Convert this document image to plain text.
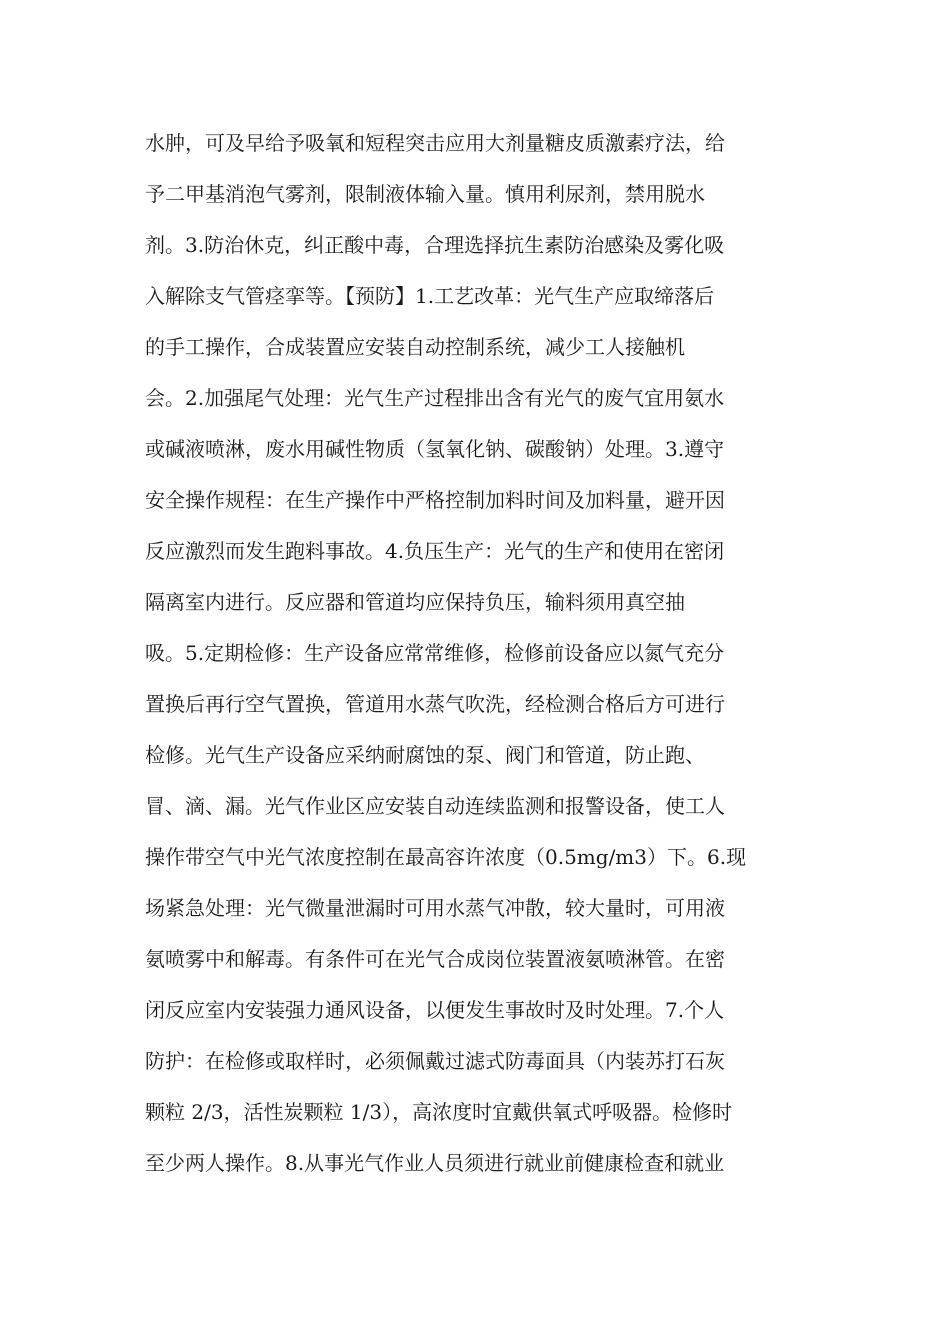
水肿，可及早给予吸氧和短程突击应用大剂量糖皮质激素疗法，给
予二甲基消泡气雾剂，限制液体输入量。慎用利尿剂，禁用脱水
剂。3.防治休克，纠正酸中毒，合理选择抗生素防治感染及雾化吸
入解除支气管痉挛等。【预防】1.工艺改革：光气生产应取缔落后
的手工操作，合成装置应安装自动控制系统，减少工人接触机
会。2.加强尾气处理：光气生产过程排出含有光气的废气宜用氨水
或碱液喷淋，废水用碱性物质（氢氧化钠、碳酸钠）处理。3.遵守
安全操作规程：在生产操作中严格控制加料时间及加料量，避开因
反应激烈而发生跑料事故。4.负压生产：光气的生产和使用在密闭
隔离室内进行。反应器和管道均应保持负压，输料须用真空抽
吸。5.定期检修：生产设备应常常维修，检修前设备应以氮气充分
置换后再行空气置换，管道用水蒸气吹洗，经检测合格后方可进行
检修。光气生产设备应采纳耐腐蚀的泵、阀门和管道，防止跑、
冒、滴、漏。光气作业区应安装自动连续监测和报警设备，使工人
操作带空气中光气浓度控制在最高容许浓度（0.5mg/m3）下。6.现
场紧急处理：光气微量泄漏时可用水蒸气冲散，较大量时，可用液
氨喷雾中和解毒。有条件可在光气合成岗位装置液氨喷淋管。在密
闭反应室内安装强力通风设备，以便发生事故时及时处理。7.个人
防护：在检修或取样时，必须佩戴过滤式防毒面具（内装苏打石灰
颗粒 2/3，活性炭颗粒 1/3），高浓度时宜戴供氧式呼吸器。检修时
至少两人操作。8.从事光气作业人员须进行就业前健康检查和就业
